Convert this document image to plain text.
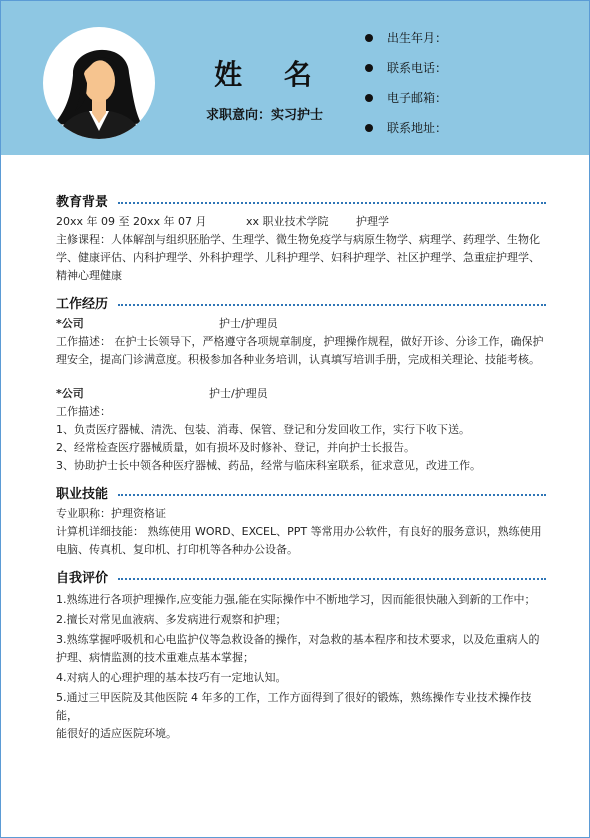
姓 名
求职意向：实习护士
出生年月：
联系电话：
电子邮箱：
联系地址：
教育背景
20xx 年 09 至 20xx 年 07 月	xx 职业技术学院	护理学

主修课程：人体解剖与组织胚胎学、生理学、微生物免疫学与病原生物学、病理学、药理学、生物化

学、健康评估、内科护理学、外科护理学、儿科护理学、妇科护理学、社区护理学、急重症护理学、

精神心理健康

工作经历
*公司	护士/护理员

工作描述： 在护士长领导下，严格遵守各项规章制度，护理操作规程，做好开诊、分诊工作，确保护

理安全，提高门诊满意度。积极参加各种业务培训，认真填写培训手册，完成相关理论、技能考核。

*公司	护士/护理员

工作描述：

1、负责医疗器械、清洗、包装、消毒、保管、登记和分发回收工作，实行下收下送。

2、经常检查医疗器械质量，如有损坏及时修补、登记，并向护士长报告。

3、协助护士长中领各种医疗器械、药品，经常与临床科室联系，征求意见，改进工作。

职业技能

专业职称：护理资格证

计算机详细技能： 熟练使用 WORD、EXCEL、PPT 等常用办公软件，有良好的服务意识，熟练使用

电脑、传真机、复印机、打印机等各种办公设备。

自我评价

1.熟练进行各项护理操作,应变能力强,能在实际操作中不断地学习，因而能很快融入到新的工作中；

2.擅长对常见血液病、多发病进行观察和护理；

3.熟练掌握呼吸机和心电监护仪等急救设备的操作，对急救的基本程序和技术要求，以及危重病人的

护理、病情监测的技术重难点基本掌握；

4.对病人的心理护理的基本技巧有一定地认知。

5.通过三甲医院及其他医院 4 年多的工作，工作方面得到了很好的锻炼，熟练操作专业技术操作技能，

能很好的适应医院环境。
